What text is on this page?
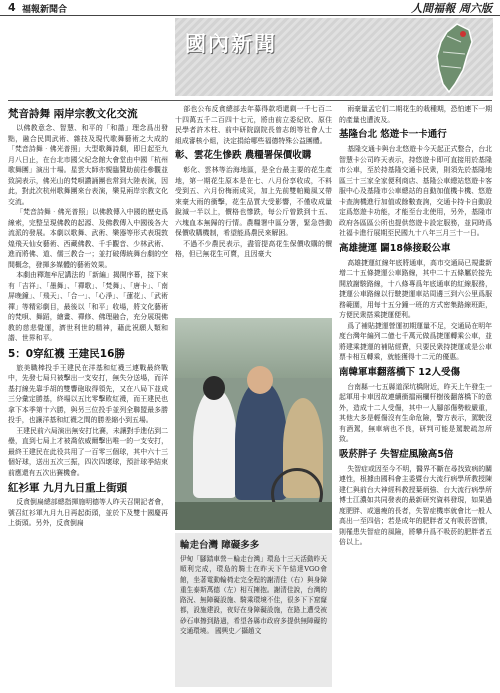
4 福報新聞合	人間福報 周六版
國內新聞
梵音詩舞 兩岸宗教文化交流

以佛教意念、智慧、和平的「和諧」理念爲出發點，融合民間武術、雜技及現代歌舞藝術之大成的「梵音詩舞‧佛光普照」大型歌舞詩劇，即日起至九月八日止，在台北市國父紀念館大會堂由中國「杭州歌舞團」演出十場。星雲大師亦親臨贊助前往參觀並致詞表示，佛光山的梵唄讚誦團也常到大陸表演，因此，對此次杭州歌舞團來台表演，樂見兩岸宗教文化交流。

「梵音詩舞‧佛光普照」以佛教傳入中國的歷史爲線索，完整呈現佛教的起源、及佛教傳入中國後各大流派的發展。本劇以歌舞、武術、樂器等形式表現敦煌飛天仙女藝術、西藏佛教、千手觀音、少林武術、進而將佛、道、儒三教合一；並打破傳統舞台劇的空間概念，發揮多媒體的藝術效果。

本劇由釋迦牟尼講法的「新編」揭開序幕，接下來有「吉祥」、「墨舞」、「禪歌」、「梵舞」、「唐卡」、「南屏晚鐘」、「飛天」、「合一」、「心淨」、「蓮花」、「武術禪」等精彩劇目，最後以「和平」收場，將文化藝術的梵唄、舞蹈，繪畫、禪修、佛理融合，充分展現佛教的慈悲覺運，濟世利世的精神，藉此祝願人類和諧、世界和平。

5：0穿紅襪 王建民16勝

旅美職棒投手王建民在洋基和紅襪三連戰最終戰中，先發七局只被擊出一支安打，無失分送場，而洋基打線先靠手胡的雙響砲取得領先，又在八局下並成三分彙定勝基，終場以五比零擊敗紅襪，而王建民也拿下本季第十六勝，與另三位投手並列全聯盟最多勝投手，也讓洋基和紅襪之間的勝差縮小到五場。

王建民前六局演出無安打比賽，未讓對手進佔到二壘，直到七局上才被喬依威爾擊出唯一的一支安打，最終王建民在此役共用了一百零三個球，其中六十三個好球，送出五次三振，四次四壞球，預計球季結束前應還有五次出賽機會。

紅衫軍 九月九日重上街頭

反貪倒扁總部總指揮施明德等人昨天召開記者會，號召紅衫軍九月九日再起街頭，並於下及雙十國慶再上街頭。另外，反貪倒扁

部也公布反貪總部去年募得款項還剩一千七百二十四萬五千二百四十七元，將由前立委紀欣、原住民學者許木柱、前中研院副院長曾志朗等社會人士組成審核小組，決定捐給哪些福德特殊公益團體。

彰、雲花生慘跌 農糧署保價收購

彰化、雲林等治海地區，是全台最主要的花生產地，第一期花生原本是在七、八月份享收成，不料受到五、六月份梅雨成災，加上先前雙帕颱風又帶來豪大雨的衝擊，花生品質大受影響，不僅收成量銳減一半以上，價格也慘跌，每公斤曾跌到十五、六塊血本無歸的行情。農糧署中區分署，緊急啓動保價收購機制，希望能爲農民來解困。

不過不少農民表示，盡管提高花生保價收購的價格，但已無花生可賣，且因豪大

輪走台灣 障礙多多
伊甸「腳踏車營－輪走台灣」環島十三天活動昨天順利完成，環島的騎士在昨天下午結達VGO會館，坐著電動輪椅走完全程的謝清佳（右）與身障重生泰斯萬德（左）相互擁抱。謝清佳說，台灣的路況、無障礙設施、騎乘環境不佳，很多下下窟窿都，設施建設，夜好在身障礙設施，在路上遭受被砂石車擦到路過，希望各縣市政府多提供無障礙的交通環境。 國興史／攝趙文

雨豪量孟它们二期花生的栽種期，恐怕連下一期的產量也遭波及。

基隆台北 悠遊卡一卡通行

基隆交通卡與台北悠遊卡今天起正式整合，台北智慧卡公司昨天表示，持悠遊卡即可直接用於基隆市公車，至於持基隆交通卡民衆，則須先於基隆地區三十三家全家便利商店、基隆公車總站悠遊卡客服中心及基隆市公車總站的自動加值機卡機、悠遊卡查詢機進行加值或餘數查詢，交通卡持卡自動設定爲悠遊卡功能，才能至台北使用，另外，基隆市政府各區區公所也提供悠遊卡設定服務，並同時爲社福卡進行展期至民國九十八年三月三十一日。

高雄捷運 闢18條接駁公車

高雄捷運紅線年底將通車，高市交通局已規畫新增二十五條捷運公車路線，其中二十五條屬於接先開放謝駿路線，十八條專爲年底通車的紅線服務，捷運公車路線以行駛捷運車站周邊三到六公里爲服務範圍，用每十五分鐘一班的方式密集路線班距，方便民衆搭乘捷運便利。

爲了補貼捷運營運初期運量不足，交通局在明年度台灣年編列二億七千萬元做爲捷運轉乘公車，並將建乘捷運的補貼經費，只要民衆持捷運或是公車票卡相互轉乘，就能獲得十二元的優惠。

南韓軍車翻落橋下 12人受傷

台南縣一七五縣道深坑橋附近，昨天上午發生一起軍用卡車因故連續衝擋兩欄杆樹後翻落橋下的意外，造成十二人受傷，其中一人腳部傷勢較嚴重，其他大多是輕傷沒有生命危險，警方表示，駕駛沒有酒駕，無車病也不良，研判可能是駕駛疏忽所致。

吸菸胖子 失智症風險高5倍

失智症或因至今不明，醫界不斷在尋找致病的關連性，根據由國科會主委暨台大流行病學所教授陳建仁與前台大神經科教授葉炳強、台大流行病學所博士江濃如共同發表的最新研究資料發現，如果過度肥胖、或過瘦的長者，失智症機率就會比一般人高出一至四倍；若是成年的肥胖者又有吸菸習慣，則罹患失智症的風險，將攀升爲不吸菸的肥胖者五倍以上。
